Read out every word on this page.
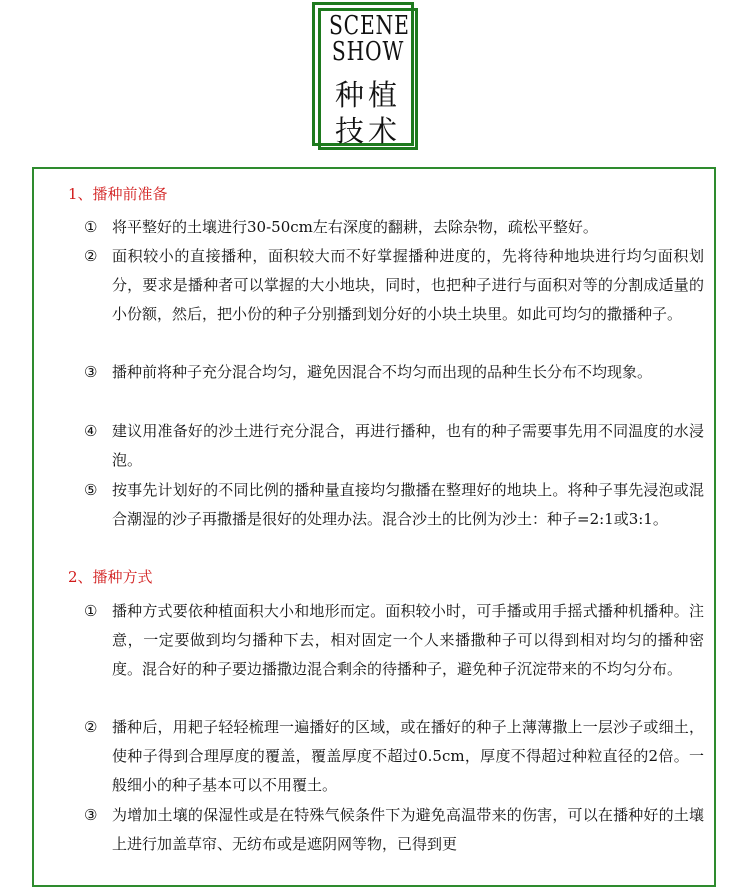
SCENE
SHOW
种植
技术
1、播种前准备
① 将平整好的土壤进行30-50cm左右深度的翻耕，去除杂物，疏松平整好。
② 面积较小的直接播种，面积较大而不好掌握播种进度的，先将待种地块进行均匀面积划分，要求是播种者可以掌握的大小地块，同时，也把种子进行与面积对等的分割成适量的小份额，然后，把小份的种子分别播到划分好的小块土块里。如此可均匀的撒播种子。
③ 播种前将种子充分混合均匀，避免因混合不均匀而出现的品种生长分布不均现象。
④ 建议用准备好的沙土进行充分混合，再进行播种，也有的种子需要事先用不同温度的水浸泡。
⑤ 按事先计划好的不同比例的播种量直接均匀撒播在整理好的地块上。将种子事先浸泡或混合潮湿的沙子再撒播是很好的处理办法。混合沙土的比例为沙土：种子=2:1或3:1。
2、播种方式
① 播种方式要依种植面积大小和地形而定。面积较小时，可手播或用手摇式播种机播种。注意，一定要做到均匀播种下去，相对固定一个人来播撒种子可以得到相对均匀的播种密度。混合好的种子要边播撒边混合剩余的待播种子，避免种子沉淀带来的不均匀分布。
② 播种后，用耙子轻轻梳理一遍播好的区域，或在播好的种子上薄薄撒上一层沙子或细土，使种子得到合理厚度的覆盖，覆盖厚度不超过0.5cm，厚度不得超过种粒直径的2倍。一般细小的种子基本可以不用覆土。
③ 为增加土壤的保湿性或是在特殊气候条件下为避免高温带来的伤害，可以在播种好的土壤上进行加盖草帘、无纺布或是遮阴网等物，已得到更
